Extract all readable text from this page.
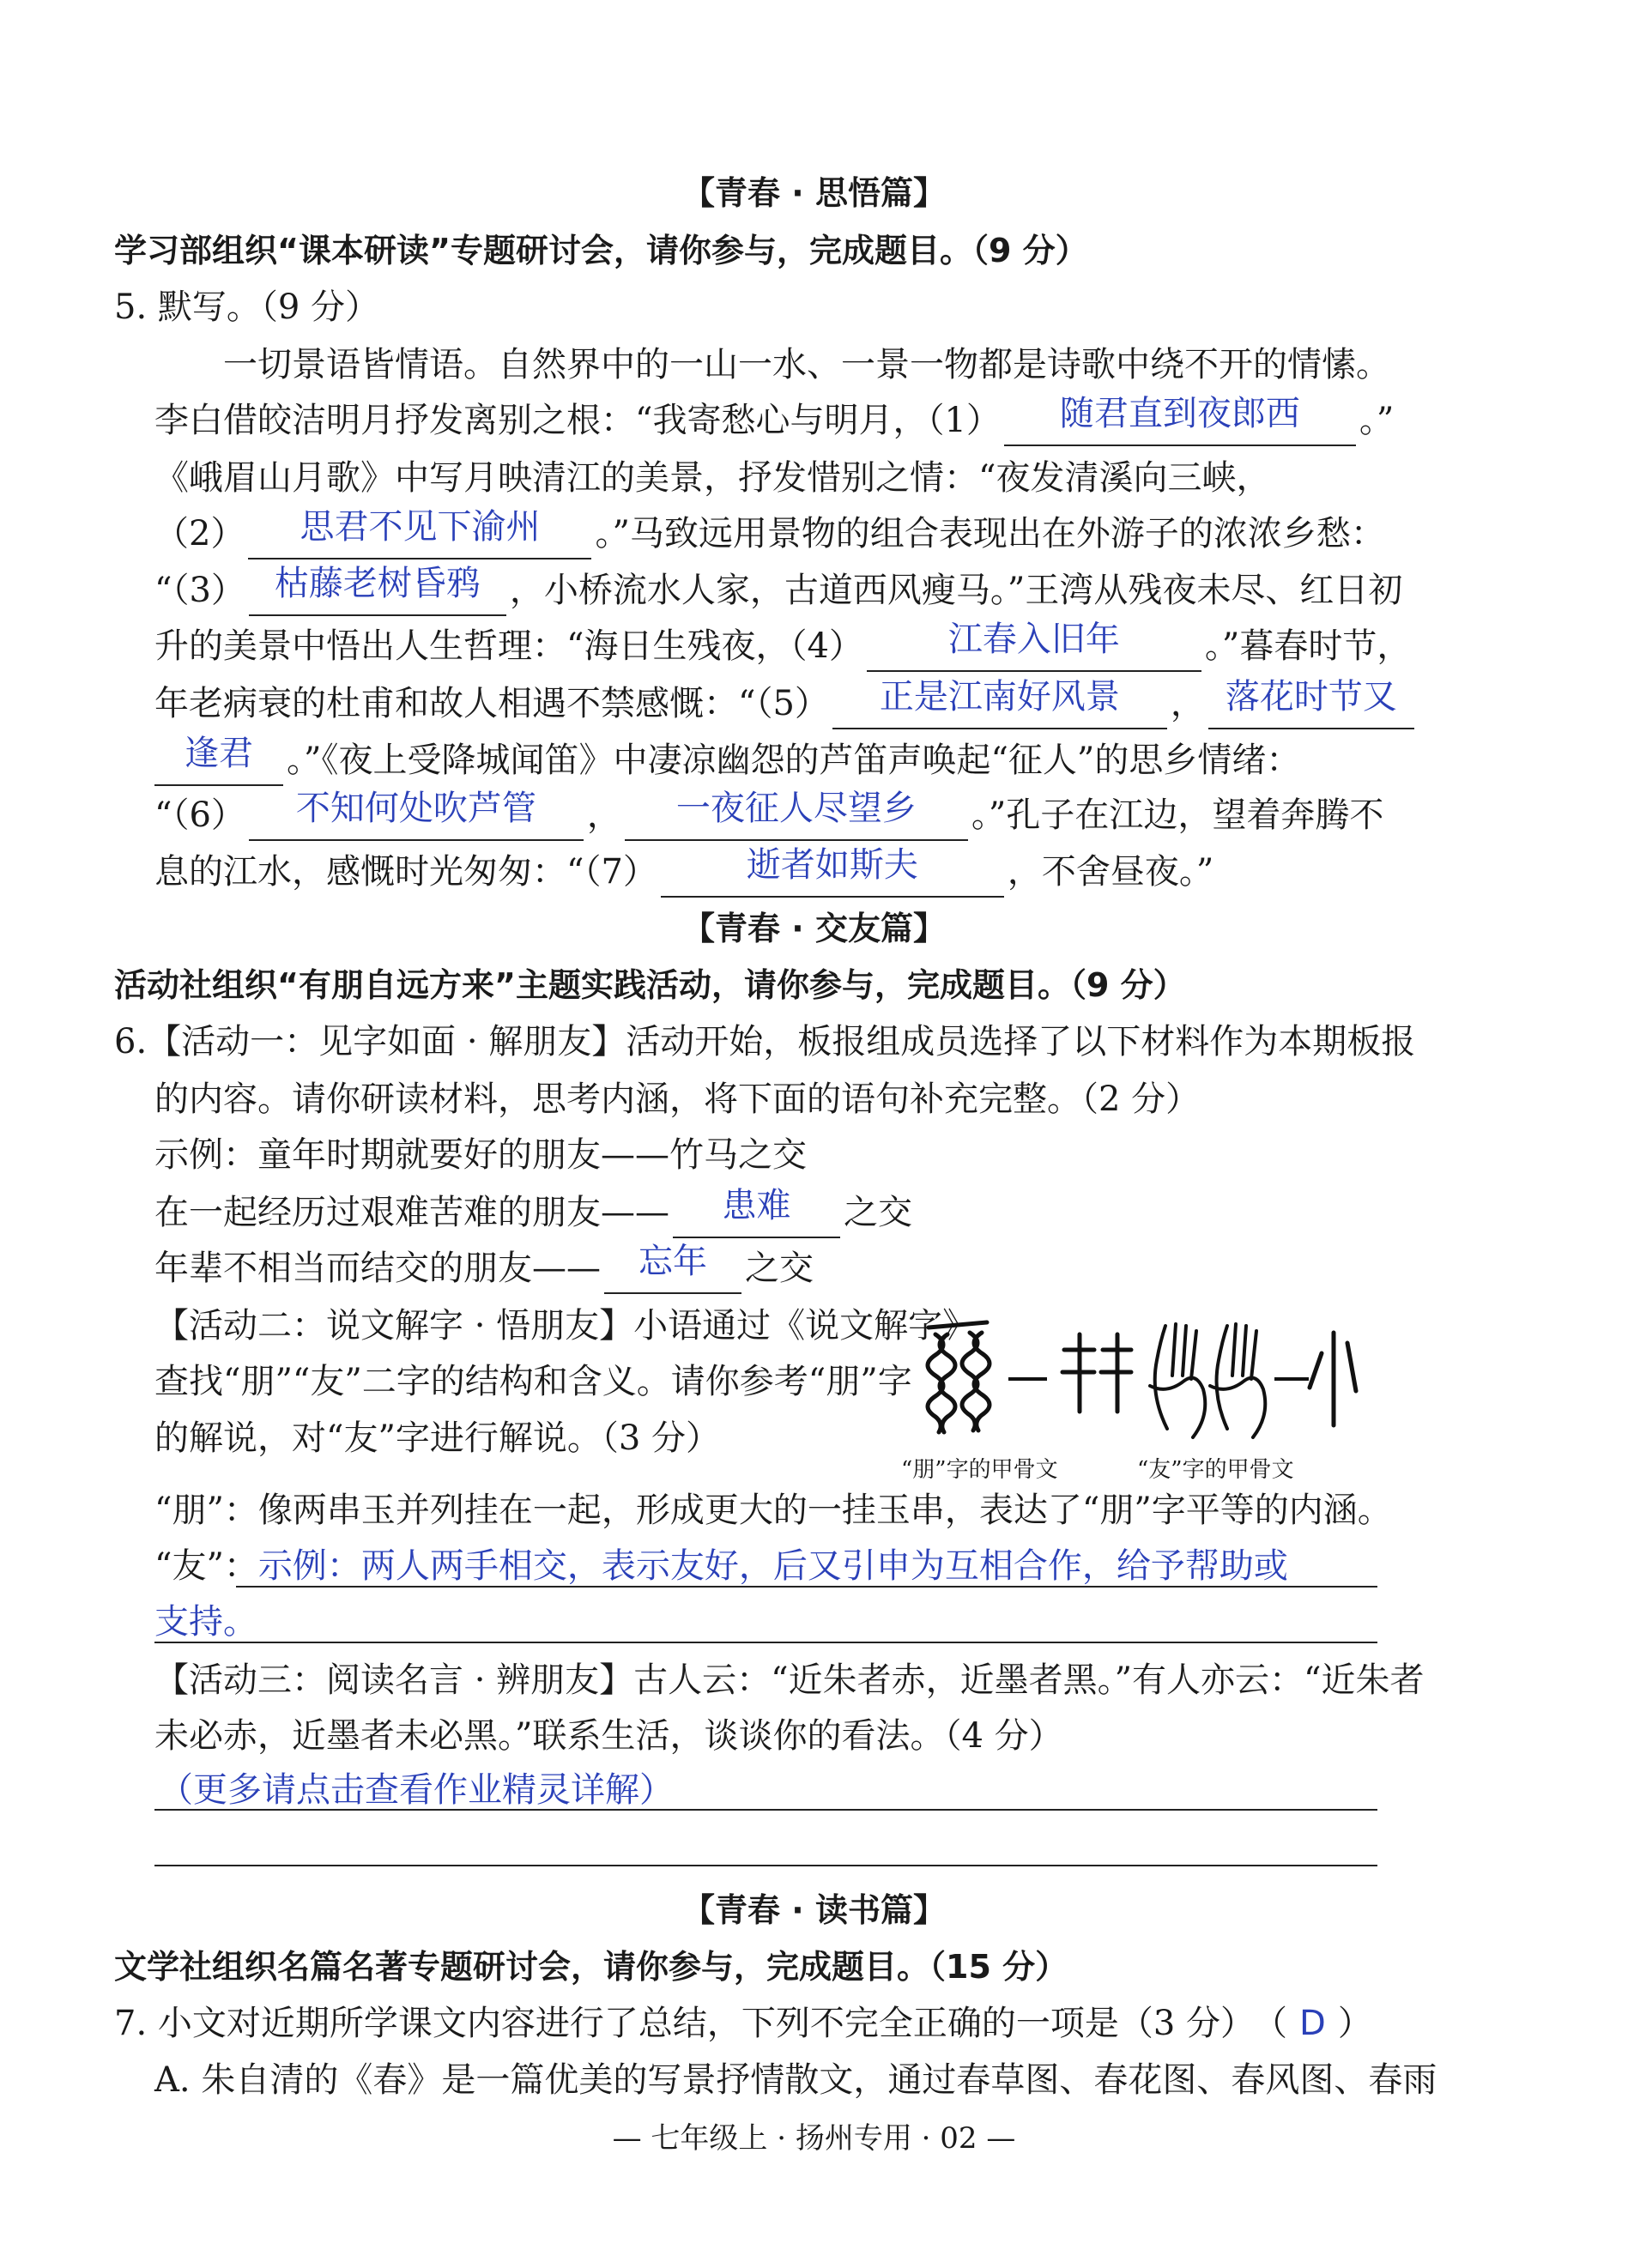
【青春 · 思悟篇】
学习部组织“课本研读”专题研讨会，请你参与，完成题目。（9 分）
5. 默写。（9 分）
一切景语皆情语。自然界中的一山一水、一景一物都是诗歌中绕不开的情愫。
李白借皎洁明月抒发离别之根：“我寄愁心与明月，（1） 随君直到夜郎西 。”
《峨眉山月歌》中写月映清江的美景，抒发惜别之情：“夜发清溪向三峡，
（2） 思君不见下渝州 。”马致远用景物的组合表现出在外游子的浓浓乡愁：
“（3） 枯藤老树昏鸦 ，小桥流水人家，古道西风瘦马。”王湾从残夜未尽、红日初
升的美景中悟出人生哲理：“海日生残夜，（4） 江春入旧年 。”暮春时节，
年老病衰的杜甫和故人相遇不禁感慨：“（5） 正是江南好风景 ， 落花时节又
逢君 。”《夜上受降城闻笛》中凄凉幽怨的芦笛声唤起“征人”的思乡情绪：
“（6） 不知何处吹芦管 ， 一夜征人尽望乡 。”孔子在江边，望着奔腾不
息的江水，感慨时光匆匆：“（7）	逝者如斯夫	，不舍昼夜。”
【青春 · 交友篇】
活动社组织“有朋自远方来”主题实践活动，请你参与，完成题目。（9 分）
6.【活动一：见字如面 · 解朋友】活动开始，板报组成员选择了以下材料作为本期板报
的内容。请你研读材料，思考内涵，将下面的语句补充完整。（2 分）
示例：童年时期就要好的朋友——竹马之交
在一起经历过艰难苦难的朋友—— 患难 之交
年辈不相当而结交的朋友—— 忘年 之交
【活动二：说文解字 · 悟朋友】小语通过《说文解字》
查找“朋”“友”二字的结构和含义。请你参考“朋”字
的解说，对“友”字进行解说。（3 分）
“朋”字的甲骨文	“友”字的甲骨文
“朋”：像两串玉并列挂在一起，形成更大的一挂玉串，表达了“朋”字平等的内涵。
“友”：示例：两人两手相交，表示友好，后又引申为互相合作，给予帮助或
支持。
【活动三：阅读名言 · 辨朋友】古人云：“近朱者赤，近墨者黑。”有人亦云：“近朱者
未必赤，近墨者未必黑。”联系生活，谈谈你的看法。（4 分）
（更多请点击查看作业精灵详解）
【青春 · 读书篇】
文学社组织名篇名著专题研讨会，请你参与，完成题目。（15 分）
7. 小文对近期所学课文内容进行了总结，下列不完全正确的一项是（3 分）
（ D ）
A. 朱自清的《春》是一篇优美的写景抒情散文，通过春草图、春花图、春风图、春雨
— 七年级上 · 扬州专用 · 02 —
